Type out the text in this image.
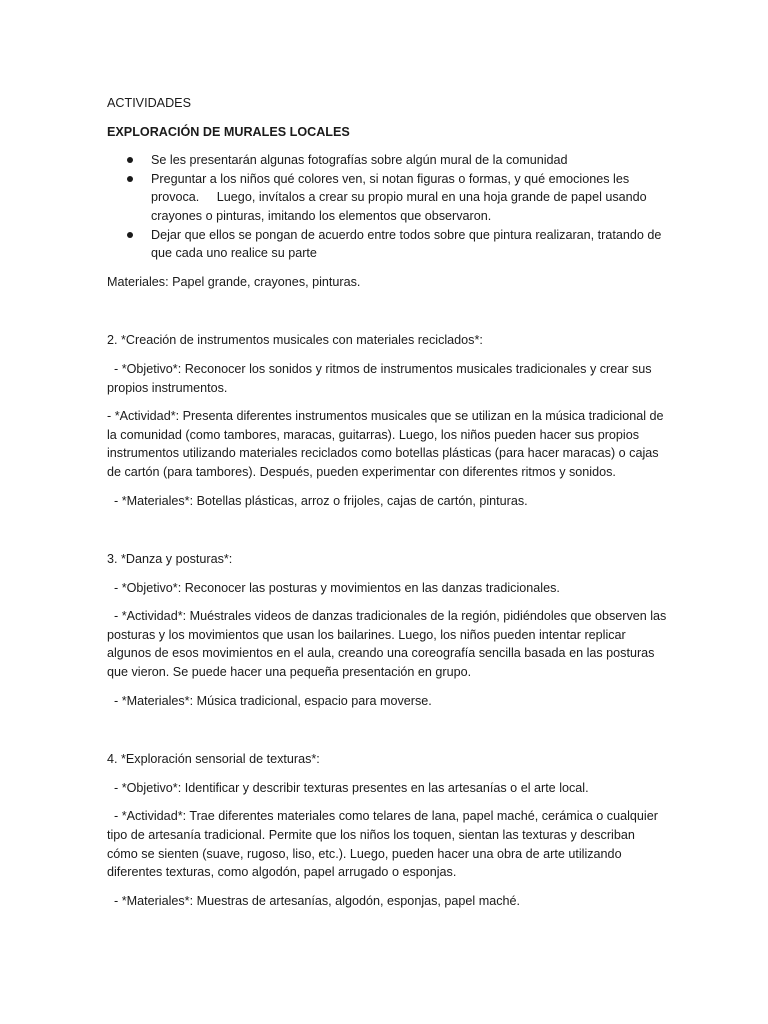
ACTIVIDADES

EXPLORACIÓN DE MURALES LOCALES

Se les presentarán algunas fotografías sobre algún mural de la comunidad
Preguntar a los niños qué colores ven, si notan figuras o formas, y qué emociones les provoca.     Luego, invítalos a crear su propio mural en una hoja grande de papel usando crayones o pinturas, imitando los elementos que observaron.
Dejar que ellos se pongan de acuerdo entre todos sobre que pintura realizaran, tratando de que cada uno realice su parte

Materiales: Papel grande, crayones, pinturas.

2. *Creación de instrumentos musicales con materiales reciclados*:

- *Objetivo*: Reconocer los sonidos y ritmos de instrumentos musicales tradicionales y crear sus propios instrumentos.

- *Actividad*: Presenta diferentes instrumentos musicales que se utilizan en la música tradicional de la comunidad (como tambores, maracas, guitarras). Luego, los niños pueden hacer sus propios instrumentos utilizando materiales reciclados como botellas plásticas (para hacer maracas) o cajas de cartón (para tambores). Después, pueden experimentar con diferentes ritmos y sonidos.

- *Materiales*: Botellas plásticas, arroz o frijoles, cajas de cartón, pinturas.

3. *Danza y posturas*:

- *Objetivo*: Reconocer las posturas y movimientos en las danzas tradicionales.

- *Actividad*: Muéstrales videos de danzas tradicionales de la región, pidiéndoles que observen las posturas y los movimientos que usan los bailarines. Luego, los niños pueden intentar replicar algunos de esos movimientos en el aula, creando una coreografía sencilla basada en las posturas que vieron. Se puede hacer una pequeña presentación en grupo.

- *Materiales*: Música tradicional, espacio para moverse.

4. *Exploración sensorial de texturas*:

- *Objetivo*: Identificar y describir texturas presentes en las artesanías o el arte local.

- *Actividad*: Trae diferentes materiales como telares de lana, papel maché, cerámica o cualquier tipo de artesanía tradicional. Permite que los niños los toquen, sientan las texturas y describan cómo se sienten (suave, rugoso, liso, etc.). Luego, pueden hacer una obra de arte utilizando diferentes texturas, como algodón, papel arrugado o esponjas.

- *Materiales*: Muestras de artesanías, algodón, esponjas, papel maché.
